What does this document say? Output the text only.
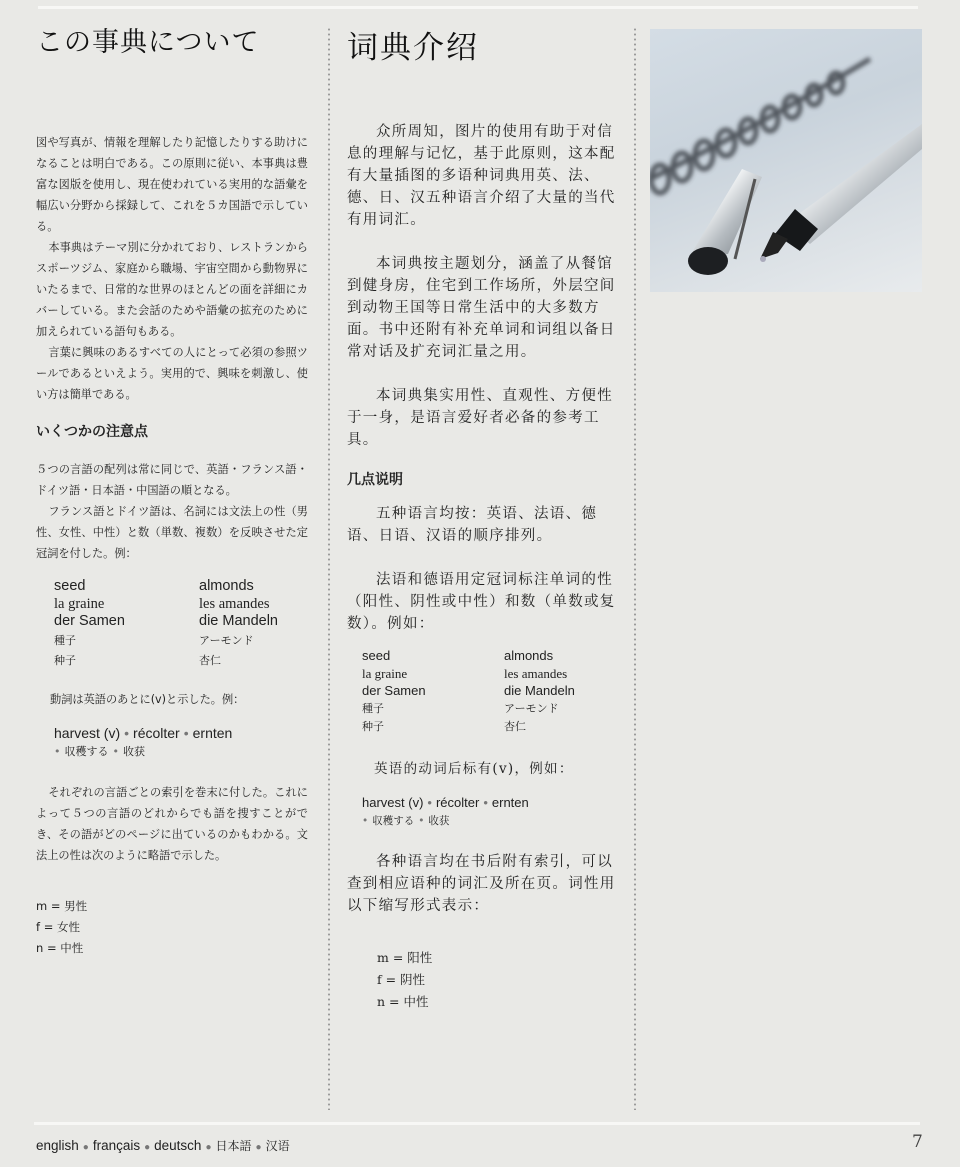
この事典について

図や写真が、情報を理解したり記憶したりする助けになることは明白である。この原則に従い、本事典は豊富な図版を使用し、現在使われている実用的な語彙を幅広い分野から採録して、これを５カ国語で示している。

本事典はテーマ別に分かれており、レストランからスポーツジム、家庭から職場、宇宙空間から動物界にいたるまで、日常的な世界のほとんどの面を詳細にカバーしている。また会話のためや語彙の拡充のために加えられている語句もある。

言葉に興味のあるすべての人にとって必須の参照ツールであるといえよう。実用的で、興味を刺激し、使い方は簡単である。

いくつかの注意点

５つの言語の配列は常に同じで、英語・フランス語・ドイツ語・日本語・中国語の順となる。

フランス語とドイツ語は、名詞には文法上の性（男性、女性、中性）と数（単数、複数）を反映させた定冠詞を付した。例：

seed
la graine
der Samen
種子
种子
almonds
les amandes
die Mandeln
アーモンド
杏仁

動詞は英語のあとに(v)と示した。例：

harvest (v) • récolter • ernten
• 収穫する • 收获

それぞれの言語ごとの索引を巻末に付した。これによって５つの言語のどれからでも語を捜すことができ、その語がどのページに出ているのかもわかる。文法上の性は次のように略語で示した。

m = 男性
f = 女性
n = 中性
词典介绍

众所周知，图片的使用有助于对信息的理解与记忆，基于此原则，这本配有大量插图的多语种词典用英、法、德、日、汉五种语言介绍了大量的当代有用词汇。

本词典按主题划分，涵盖了从餐馆到健身房，住宅到工作场所，外层空间到动物王国等日常生活中的大多数方面。书中还附有补充单词和词组以备日常对话及扩充词汇量之用。

本词典集实用性、直观性、方便性于一身，是语言爱好者必备的参考工具。

几点说明

五种语言均按：英语、法语、德语、日语、汉语的顺序排列。

法语和德语用定冠词标注单词的性（阳性、阴性或中性）和数（单数或复数）。例如：

seed
la graine
der Samen
種子
种子
almonds
les amandes
die Mandeln
アーモンド
杏仁

英语的动词后标有(v)，例如：

harvest (v) • récolter • ernten
• 収穫する • 收获

各种语言均在书后附有索引，可以查到相应语种的词汇及所在页。词性用以下缩写形式表示：

m = 阳性
f = 阴性
n = 中性
english ● français ● deutsch ● 日本語 ● 汉语	7
